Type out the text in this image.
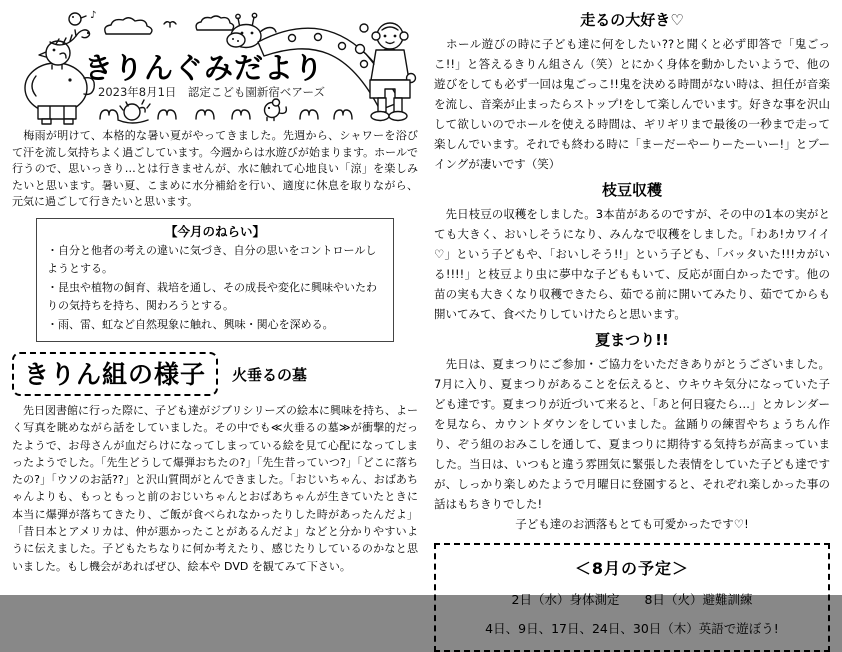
♪
きりんぐみだより
2023年8月1日　認定こども園新宿ベアーズ
　梅雨が明けて、本格的な暑い夏がやってきました。先週から、シャワーを浴びて汗を流し気持ちよく過ごしています。今週からは水遊びが始まります。ホールで行うので、思いっきり…とは行きませんが、水に触れて心地良い「涼」を楽しみたいと思います。暑い夏、こまめに水分補給を行い、適度に休息を取りながら、元気に過ごして行きたいと思います。
【今月のねらい】
・自分と他者の考えの違いに気づき、自分の思いをコントロールしようとする。
・昆虫や植物の飼育、栽培を通し、その成長や変化に興味やいたわりの気持ちを持ち、関わろうとする。
・雨、雷、虹など自然現象に触れ、興味・関心を深める。
きりん組の様子	火垂るの墓
　先日図書館に行った際に、子ども達がジブリシリーズの絵本に興味を持ち、よーく写真を眺めながら話をしていました。その中でも≪火垂るの墓≫が衝撃的だったようで、お母さんが血だらけになってしまっている絵を見て心配になってしまったようでした。「先生どうして爆弾おちたの?」「先生昔っていつ?」「どこに落ちたの?」「ウソのお話??」と沢山質問がとんできました。「おじいちゃん、おばあちゃんよりも、もっともっと前のおじいちゃんとおばあちゃんが生きていたときに本当に爆弾が落ちてきたり、ご飯が食べられなかったりした時があったんだよ」「昔日本とアメリカは、仲が悪かったことがあるんだよ」などと分かりやすいように伝えました。子どもたちなりに何か考えたり、感じたりしているのかなと思いました。もし機会があればぜひ、絵本や DVD を観てみて下さい。
走るの大好き♡
　ホール遊びの時に子ども達に何をしたい??と聞くと必ず即答で「鬼ごっこ!!」と答えるきりん組さん（笑）とにかく身体を動かしたいようで、他の遊びをしても必ず一回は鬼ごっこ!!鬼を決める時間がない時は、担任が音楽を流し、音楽が止まったらストップ!をして楽しんでいます。好きな事を沢山して欲しいのでホールを使える時間は、ギリギリまで最後の一秒まで走って楽しんでいます。それでも終わる時に「まーだーやーりーたーいー!」とブーイングが凄いです（笑）
枝豆収穫
　先日枝豆の収穫をしました。3本苗があるのですが、その中の1本の実がとても大きく、おいしそうになり、みんなで収穫をしました。「わあ!カワイイ♡」という子どもや、「おいしそう!!」という子ども、「バッタいた!!!カがいる!!!!」と枝豆より虫に夢中な子どももいて、反応が面白かったです。他の苗の実も大きくなり収穫できたら、茹でる前に開いてみたり、茹でてからも開いてみて、食べたりしていけたらと思います。
夏まつり!!
　先日は、夏まつりにご参加・ご協力をいただきありがとうございました。7月に入り、夏まつりがあることを伝えると、ウキウキ気分になっていた子ども達です。夏まつりが近づいて来ると、「あと何日寝たら…」とカレンダーを見なら、カウントダウンをしていました。盆踊りの練習やちょうちん作り、ぞう組のおみこしを通して、夏まつりに期待する気持ちが高まっていました。当日は、いつもと違う雰囲気に緊張した表情をしていた子ども達ですが、しっかり楽しめたようで月曜日に登園すると、それぞれ楽しかった事の話はもちきりでした!
子ども達のお洒落もとても可愛かったです♡!
＜8月の予定＞
2日（水）身体測定　　8日（火）避難訓練
4日、9日、17日、24日、30日（木）英語で遊ぼう!
